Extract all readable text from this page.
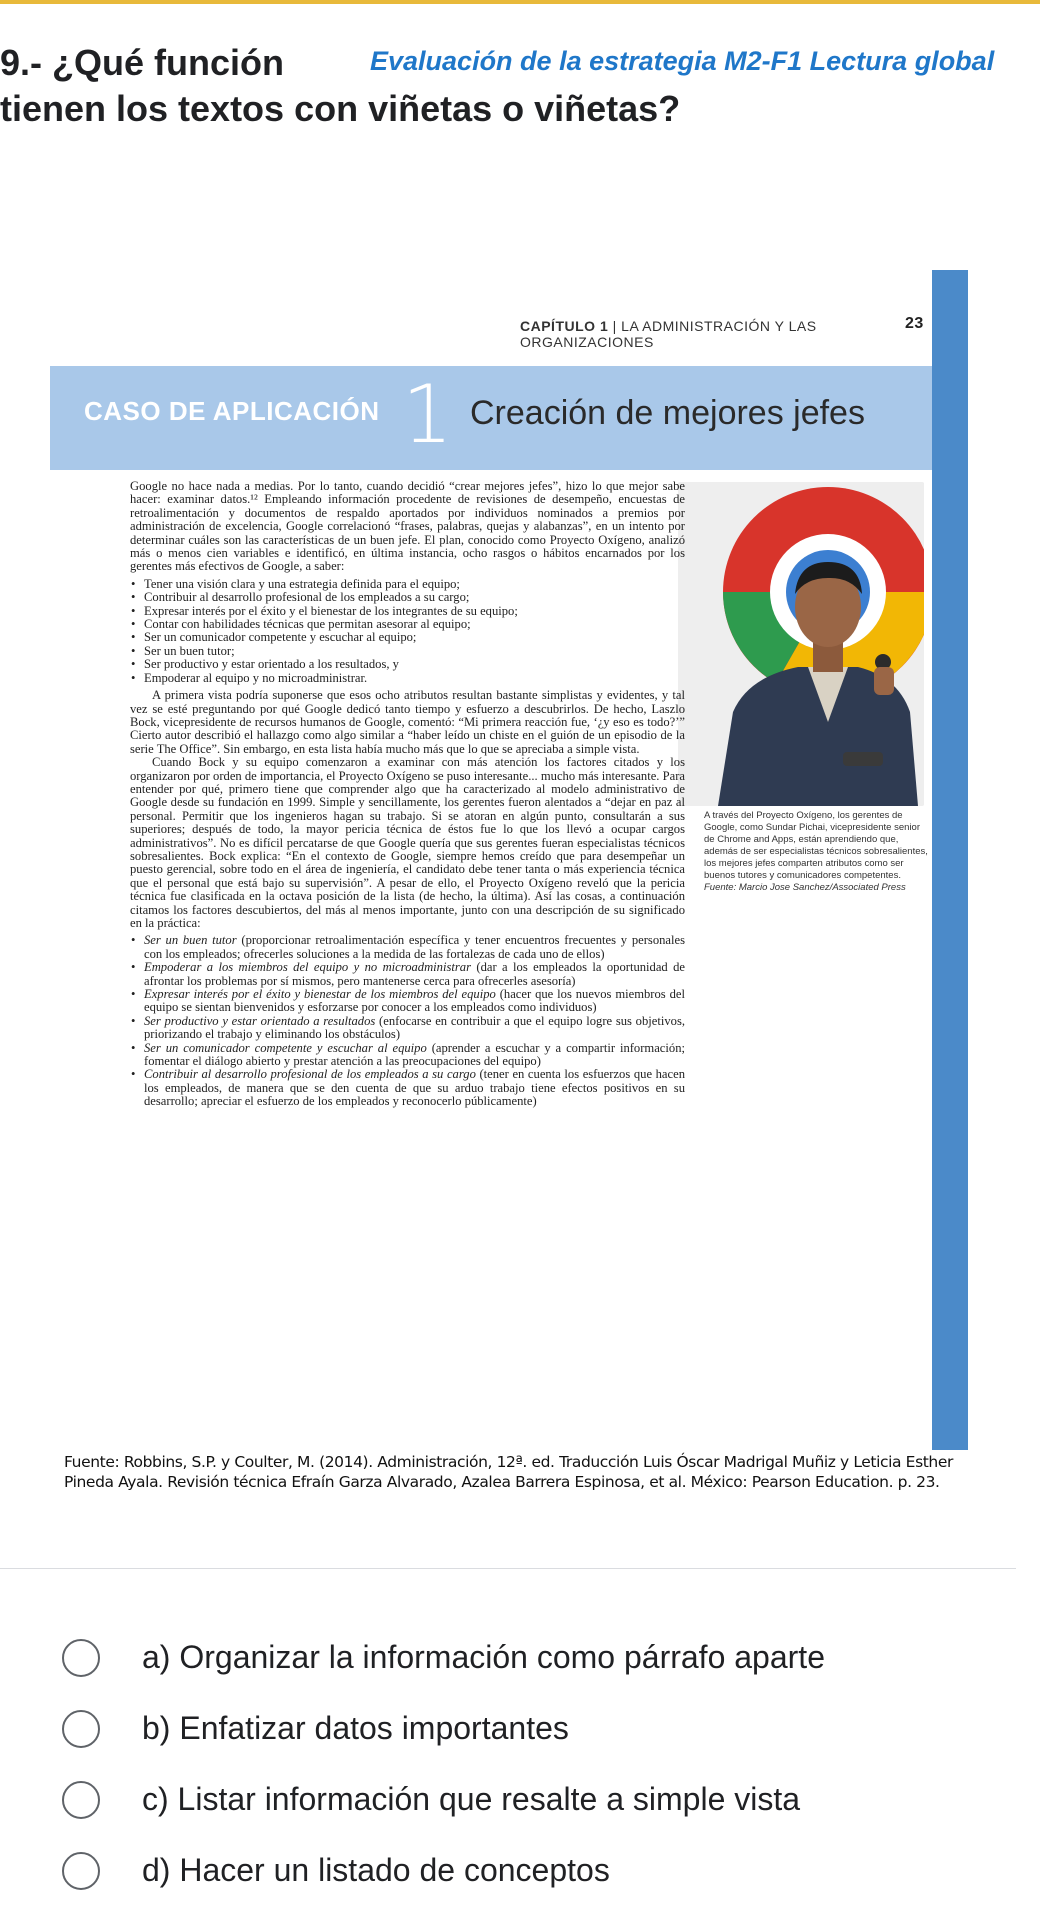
9.- ¿Qué función

tienen los textos con viñetas o viñetas?
Evaluación de la estrategia M2-F1 Lectura global
CAPÍTULO 1 | LA ADMINISTRACIÓN Y LAS ORGANIZACIONES
23
CASO DE APLICACIÓN 1 Creación de mejores jefes
A través del Proyecto Oxígeno, los gerentes de Google, como Sundar Pichai, vicepresidente senior de Chrome and Apps, están aprendiendo que, además de ser especialistas técnicos sobresalientes, los mejores jefes comparten atributos como ser buenos tutores y comunicadores competentes.
Fuente: Marcio Jose Sanchez/Associated Press

Google no hace nada a medias. Por lo tanto, cuando decidió “crear mejores jefes”, hizo lo que mejor sabe hacer: examinar datos.¹² Empleando información procedente de revisiones de desempeño, encuestas de retroalimentación y documentos de respaldo aportados por individuos nominados a premios por administración de excelencia, Google correlacionó “frases, palabras, quejas y alabanzas”, en un intento por determinar cuáles son las características de un buen jefe. El plan, conocido como Proyecto Oxígeno, analizó más o menos cien variables e identificó, en última instancia, ocho rasgos o hábitos encarnados por los gerentes más efectivos de Google, a saber:

• Tener una visión clara y una estrategia definida para el equipo;
• Contribuir al desarrollo profesional de los empleados a su cargo;
• Expresar interés por el éxito y el bienestar de los integrantes de su equipo;
• Contar con habilidades técnicas que permitan asesorar al equipo;
• Ser un comunicador competente y escuchar al equipo;
• Ser un buen tutor;
• Ser productivo y estar orientado a los resultados, y
• Empoderar al equipo y no microadministrar.

A primera vista podría suponerse que esos ocho atributos resultan bastante simplistas y evidentes, y tal vez se esté preguntando por qué Google dedicó tanto tiempo y esfuerzo a descubrirlos. De hecho, Laszlo Bock, vicepresidente de recursos humanos de Google, comentó: “Mi primera reacción fue, ‘¿y eso es todo?’” Cierto autor describió el hallazgo como algo similar a “haber leído un chiste en el guión de un episodio de la serie The Office”. Sin embargo, en esta lista había mucho más que lo que se apreciaba a simple vista.

Cuando Bock y su equipo comenzaron a examinar con más atención los factores citados y los organizaron por orden de importancia, el Proyecto Oxígeno se puso interesante... mucho más interesante. Para entender por qué, primero tiene que comprender algo que ha caracterizado al modelo administrativo de Google desde su fundación en 1999. Simple y sencillamente, los gerentes fueron alentados a “dejar en paz al personal. Permitir que los ingenieros hagan su trabajo. Si se atoran en algún punto, consultarán a sus superiores; después de todo, la mayor pericia técnica de éstos fue lo que los llevó a ocupar cargos administrativos”. No es difícil percatarse de que Google quería que sus gerentes fueran especialistas técnicos sobresalientes. Bock explica: “En el contexto de Google, siempre hemos creído que para desempeñar un puesto gerencial, sobre todo en el área de ingeniería, el candidato debe tener tanta o más experiencia técnica que el personal que está bajo su supervisión”. A pesar de ello, el Proyecto Oxígeno reveló que la pericia técnica fue clasificada en la octava posición de la lista (de hecho, la última). Así las cosas, a continuación citamos los factores descubiertos, del más al menos importante, junto con una descripción de su significado en la práctica:

• Ser un buen tutor (proporcionar retroalimentación específica y tener encuentros frecuentes y personales con los empleados; ofrecerles soluciones a la medida de las fortalezas de cada uno de ellos)
• Empoderar a los miembros del equipo y no microadministrar (dar a los empleados la oportunidad de afrontar los problemas por sí mismos, pero mantenerse cerca para ofrecerles asesoría)
• Expresar interés por el éxito y bienestar de los miembros del equipo (hacer que los nuevos miembros del equipo se sientan bienvenidos y esforzarse por conocer a los empleados como individuos)
• Ser productivo y estar orientado a resultados (enfocarse en contribuir a que el equipo logre sus objetivos, priorizando el trabajo y eliminando los obstáculos)
• Ser un comunicador competente y escuchar al equipo (aprender a escuchar y a compartir información; fomentar el diálogo abierto y prestar atención a las preocupaciones del equipo)
• Contribuir al desarrollo profesional de los empleados a su cargo (tener en cuenta los esfuerzos que hacen los empleados, de manera que se den cuenta de que su arduo trabajo tiene efectos positivos en su desarrollo; apreciar el esfuerzo de los empleados y reconocerlo públicamente)
Fuente: Robbins, S.P. y Coulter, M. (2014). Administración, 12ª. ed. Traducción Luis Óscar Madrigal Muñiz y Leticia Esther Pineda Ayala. Revisión técnica Efraín Garza Alvarado, Azalea Barrera Espinosa, et al. México: Pearson Education. p. 23.
a) Organizar la información como párrafo aparte
b) Enfatizar datos importantes
c) Listar información que resalte a simple vista
d) Hacer un listado de conceptos
